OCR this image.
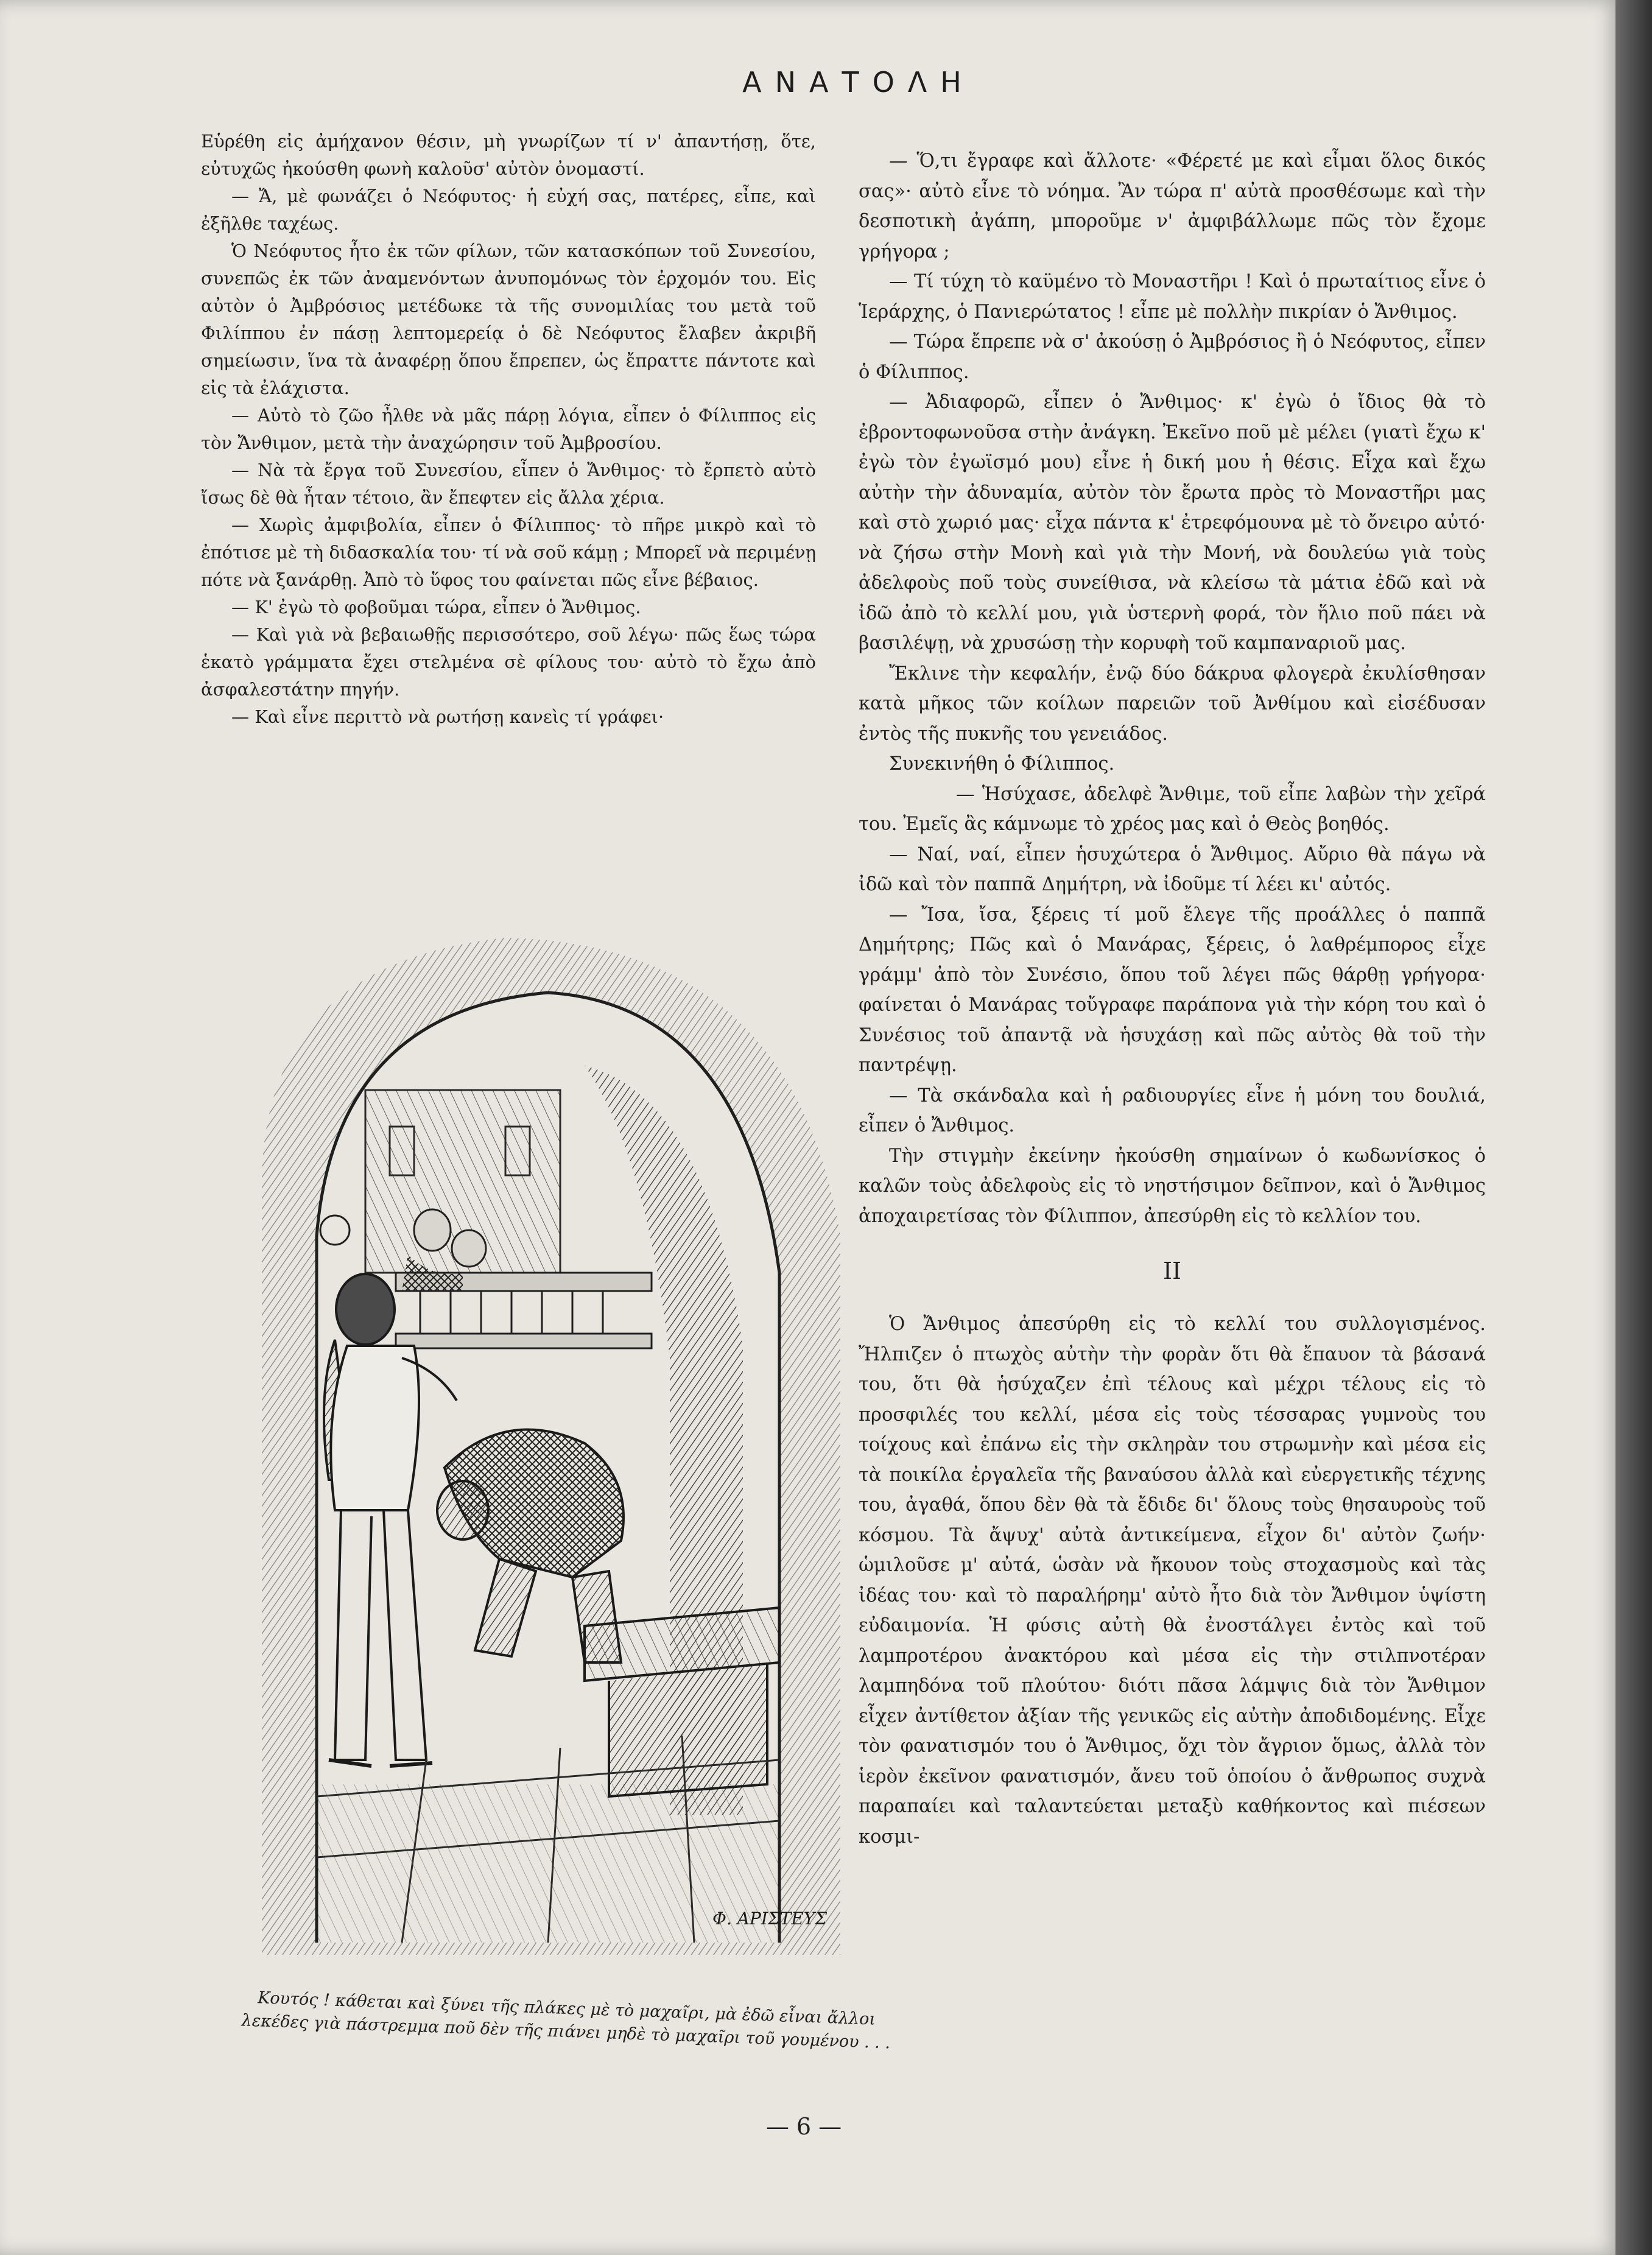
ΑΝΑΤΟΛΗ

Εὑρέθη εἰς ἀμήχανον θέσιν, μὴ γνωρίζων τί ν' ἀπαντήσῃ, ὅτε, εὐτυχῶς ἠκούσθη φωνὴ καλοῦσ' αὐτὸν ὀνομαστί.

— Ἄ, μὲ φωνάζει ὁ Νεόφυτος· ἡ εὐχή σας, πατέρες, εἶπε, καὶ ἐξῆλθε ταχέως.

Ὁ Νεόφυτος ἦτο ἐκ τῶν φίλων, τῶν κατασκόπων τοῦ Συνεσίου, συνεπῶς ἐκ τῶν ἀναμενόντων ἀνυπομόνως τὸν ἐρχομόν του. Εἰς αὐτὸν ὁ Ἀμβρόσιος μετέδωκε τὰ τῆς συνομιλίας του μετὰ τοῦ Φιλίππου ἐν πάσῃ λεπτομερείᾳ ὁ δὲ Νεόφυτος ἔλαβεν ἀκριβῆ σημείωσιν, ἵνα τὰ ἀναφέρῃ ὅπου ἔπρεπεν, ὡς ἔπραττε πάντοτε καὶ εἰς τὰ ἐλάχιστα.

— Αὐτὸ τὸ ζῶο ἦλθε νὰ μᾶς πάρῃ λόγια, εἶπεν ὁ Φίλιππος εἰς τὸν Ἄνθιμον, μετὰ τὴν ἀναχώρησιν τοῦ Ἀμβροσίου.

— Νὰ τὰ ἔργα τοῦ Συνεσίου, εἶπεν ὁ Ἄνθιμος· τὸ ἔρπετὸ αὐτὸ ἴσως δὲ θὰ ἦταν τέτοιο, ἂν ἔπεφτεν εἰς ἄλλα χέρια.

— Χωρὶς ἀμφιβολία, εἶπεν ὁ Φίλιππος· τὸ πῆρε μικρὸ καὶ τὸ ἐπότισε μὲ τὴ διδασκαλία του· τί νὰ σοῦ κάμῃ ; Μπορεῖ νὰ περιμένῃ πότε νὰ ξανάρθῃ. Ἀπὸ τὸ ὕφος του φαίνεται πῶς εἶνε βέβαιος.

— Κ' ἐγὼ τὸ φοβοῦμαι τώρα, εἶπεν ὁ Ἄνθιμος.

— Καὶ γιὰ νὰ βεβαιωθῇς περισσότερο, σοῦ λέγω· πῶς ἕως τώρα ἑκατὸ γράμματα ἔχει στελμένα σὲ φίλους του· αὐτὸ τὸ ἔχω ἀπὸ ἀσφαλεστάτην πηγήν.

— Καὶ εἶνε περιττὸ νὰ ρωτήσῃ κανεὶς τί γράφει·

— Ὅ,τι ἔγραφε καὶ ἄλλοτε· «Φέρετέ με καὶ εἶμαι ὅλος δικός σας»· αὐτὸ εἶνε τὸ νόημα. Ἂν τώρα π' αὐτὰ προσθέσωμε καὶ τὴν δεσποτικὴ ἀγάπη, μποροῦμε ν' ἀμφιβάλλωμε πῶς τὸν ἔχομε γρήγορα ;

— Τί τύχη τὸ καϋμένο τὸ Μοναστῆρι ! Καὶ ὁ πρωταίτιος εἶνε ὁ Ἱεράρχης, ὁ Πανιερώτατος ! εἶπε μὲ πολλὴν πικρίαν ὁ Ἄνθιμος.

— Τώρα ἔπρεπε νὰ σ' ἀκούσῃ ὁ Ἀμβρόσιος ἢ ὁ Νεόφυτος, εἶπεν ὁ Φίλιππος.

— Ἀδιαφορῶ, εἶπεν ὁ Ἄνθιμος· κ' ἐγὼ ὁ ἴδιος θὰ τὸ ἐβροντοφωνοῦσα στὴν ἀνάγκη. Ἐκεῖνο ποῦ μὲ μέλει (γιατὶ ἔχω κ' ἐγὼ τὸν ἐγωϊσμό μου) εἶνε ἡ δική μου ἡ θέσις. Εἶχα καὶ ἔχω αὐτὴν τὴν ἀδυναμία, αὐτὸν τὸν ἔρωτα πρὸς τὸ Μοναστῆρι μας καὶ στὸ χωριό μας· εἶχα πάντα κ' ἐτρεφόμουνα μὲ τὸ ὄνειρο αὐτό· νὰ ζήσω στὴν Μονὴ καὶ γιὰ τὴν Μονή, νὰ δουλεύω γιὰ τοὺς ἀδελφοὺς ποῦ τοὺς συνείθισα, νὰ κλείσω τὰ μάτια ἐδῶ καὶ νὰ ἰδῶ ἀπὸ τὸ κελλί μου, γιὰ ὑστερνὴ φορά, τὸν ἥλιο ποῦ πάει νὰ βασιλέψῃ, νὰ χρυσώσῃ τὴν κορυφὴ τοῦ καμπαναριοῦ μας.

Ἔκλινε τὴν κεφαλήν, ἐνῷ δύο δάκρυα φλογερὰ ἐκυλίσθησαν κατὰ μῆκος τῶν κοίλων παρειῶν τοῦ Ἀνθίμου καὶ εἰσέδυσαν ἐντὸς τῆς πυκνῆς του γενειάδος.

Συνεκινήθη ὁ Φίλιππος.

— Ἡσύχασε, ἀδελφὲ Ἄνθιμε, τοῦ εἶπε λαβὼν τὴν χεῖρά του. Ἐμεῖς ἂς κάμνωμε τὸ χρέος μας καὶ ὁ Θεὸς βοηθός.

— Ναί, ναί, εἶπεν ἡσυχώτερα ὁ Ἄνθιμος. Αὔριο θὰ πάγω νὰ ἰδῶ καὶ τὸν παππᾶ Δημήτρη, νὰ ἰδοῦμε τί λέει κι' αὐτός.

— Ἴσα, ἴσα, ξέρεις τί μοῦ ἔλεγε τῆς προάλλες ὁ παππᾶ Δημήτρης; Πῶς καὶ ὁ Μανάρας, ξέρεις, ὁ λαθρέμπορος εἶχε γράμμ' ἀπὸ τὸν Συνέσιο, ὅπου τοῦ λέγει πῶς θάρθῃ γρήγορα· φαίνεται ὁ Μανάρας τοὔγραφε παράπονα γιὰ τὴν κόρη του καὶ ὁ Συνέσιος τοῦ ἀπαντᾷ νὰ ἡσυχάσῃ καὶ πῶς αὐτὸς θὰ τοῦ τὴν παντρέψῃ.

— Τὰ σκάνδαλα καὶ ἡ ραδιουργίες εἶνε ἡ μόνη του δουλιά, εἶπεν ὁ Ἄνθιμος.

Τὴν στιγμὴν ἐκείνην ἠκούσθη σημαίνων ὁ κωδωνίσκος ὁ καλῶν τοὺς ἀδελφοὺς εἰς τὸ νηστήσιμον δεῖπνον, καὶ ὁ Ἄνθιμος ἀποχαιρετίσας τὸν Φίλιππον, ἀπεσύρθη εἰς τὸ κελλίον του.

II

Ὁ Ἄνθιμος ἀπεσύρθη εἰς τὸ κελλί του συλλογισμένος. Ἤλπιζεν ὁ πτωχὸς αὐτὴν τὴν φορὰν ὅτι θὰ ἔπαυον τὰ βάσανά του, ὅτι θὰ ἡσύχαζεν ἐπὶ τέλους καὶ μέχρι τέλους εἰς τὸ προσφιλές του κελλί, μέσα εἰς τοὺς τέσσαρας γυμνοὺς του τοίχους καὶ ἐπάνω εἰς τὴν σκληρὰν του στρωμνὴν καὶ μέσα εἰς τὰ ποικίλα ἐργαλεῖα τῆς βαναύσου ἀλλὰ καὶ εὐεργετικῆς τέχνης του, ἀγαθά, ὅπου δὲν θὰ τὰ ἔδιδε δι' ὅλους τοὺς θησαυροὺς τοῦ κόσμου. Τὰ ἄψυχ' αὐτὰ ἀντικείμενα, εἶχον δι' αὐτὸν ζωήν· ὡμιλοῦσε μ' αὐτά, ὡσὰν νὰ ἤκουον τοὺς στοχασμοὺς καὶ τὰς ἰδέας του· καὶ τὸ παραλήρημ' αὐτὸ ἦτο διὰ τὸν Ἄνθιμον ὑψίστη εὐδαιμονία. Ἡ φύσις αὐτὴ θὰ ἐνοστάλγει ἐντὸς καὶ τοῦ λαμπροτέρου ἀνακτόρου καὶ μέσα εἰς τὴν στιλπνοτέραν λαμπηδόνα τοῦ πλούτου· διότι πᾶσα λάμψις διὰ τὸν Ἄνθιμον εἶχεν ἀντίθετον ἀξίαν τῆς γενικῶς εἰς αὐτὴν ἀποδιδομένης. Εἶχε τὸν φανατισμόν του ὁ Ἄνθιμος, ὄχι τὸν ἄγριον ὅμως, ἀλλὰ τὸν ἱερὸν ἐκεῖνον φανατισμόν, ἄνευ τοῦ ὁποίου ὁ ἄνθρωπος συχνὰ παραπαίει καὶ ταλαντεύεται μεταξὺ καθήκοντος καὶ πιέσεων κοσμι-

Φ. ΑΡΙΣΤΕΥΣ
Κουτός ! κάθεται καὶ ξύνει τῆς πλάκες μὲ τὸ μαχαῖρι, μὰ ἐδῶ εἶναι ἄλλοι λεκέδες γιὰ πάστρεμμα ποῦ δὲν τῆς πιάνει μηδὲ τὸ μαχαῖρι τοῦ γουμένου . . .
— 6 —
